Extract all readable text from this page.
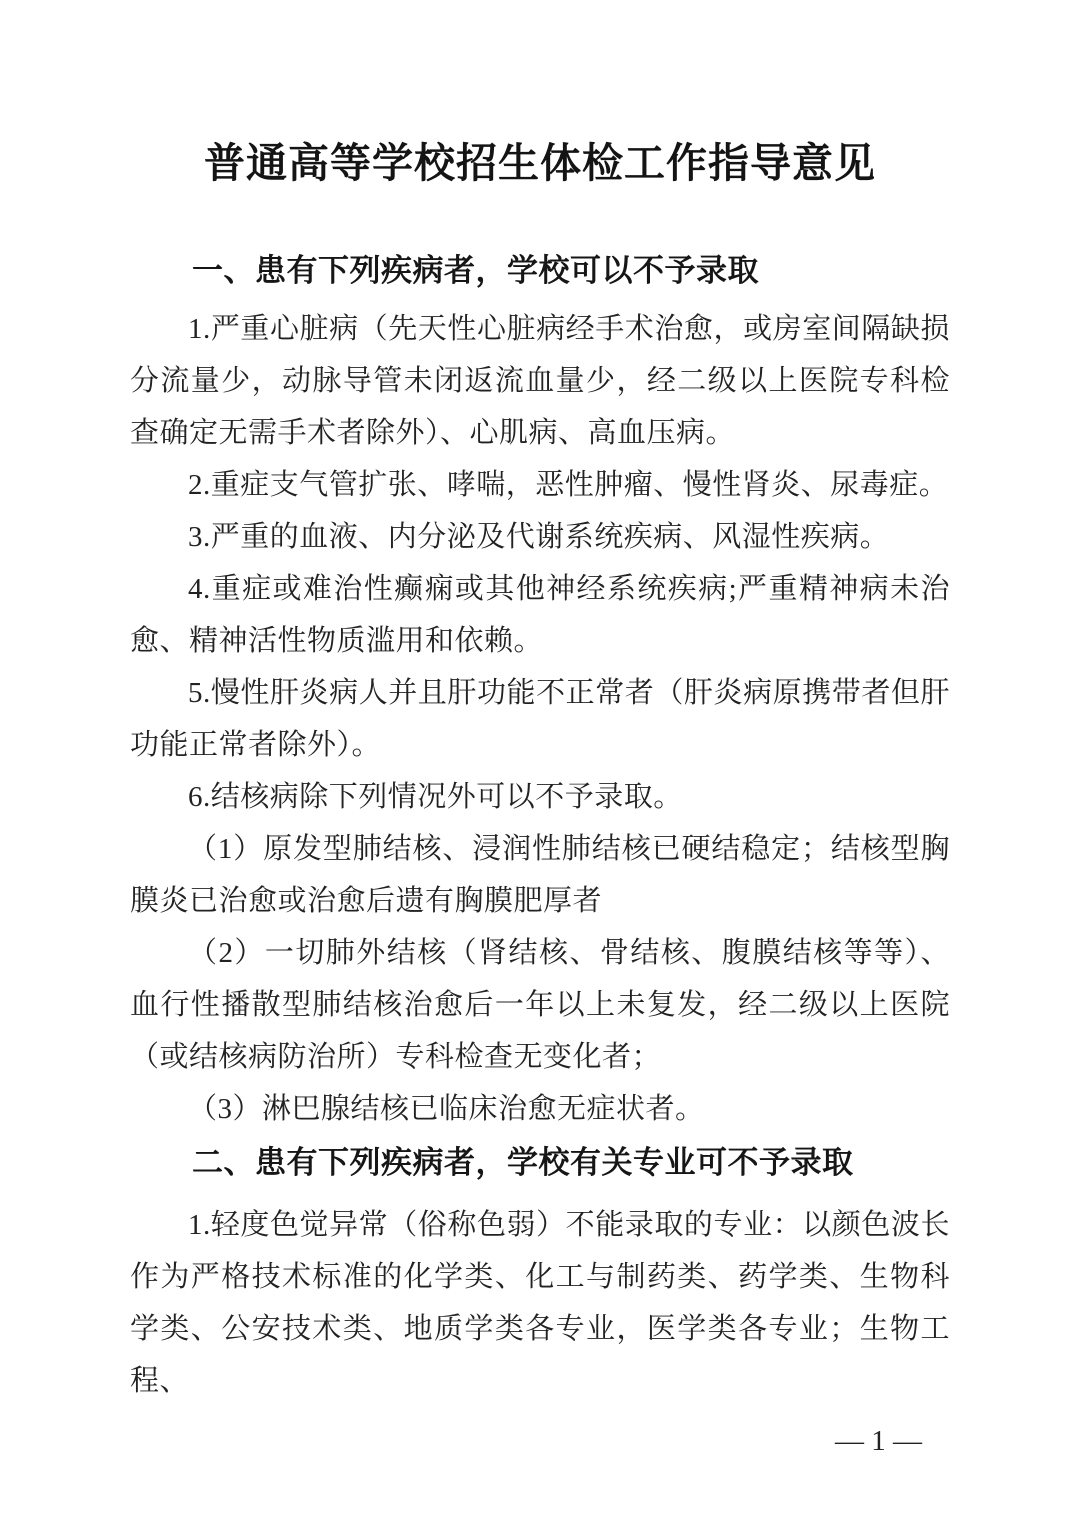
普通高等学校招生体检工作指导意见
一、患有下列疾病者，学校可以不予录取

1.严重心脏病（先天性心脏病经手术治愈，或房室间隔缺损分流量少，动脉导管未闭返流血量少，经二级以上医院专科检查确定无需手术者除外）、心肌病、高血压病。

2.重症支气管扩张、哮喘，恶性肿瘤、慢性肾炎、尿毒症。

3.严重的血液、内分泌及代谢系统疾病、风湿性疾病。

4.重症或难治性癫痫或其他神经系统疾病;严重精神病未治愈、精神活性物质滥用和依赖。

5.慢性肝炎病人并且肝功能不正常者（肝炎病原携带者但肝功能正常者除外）。

6.结核病除下列情况外可以不予录取。

（1）原发型肺结核、浸润性肺结核已硬结稳定；结核型胸膜炎已治愈或治愈后遗有胸膜肥厚者

（2）一切肺外结核（肾结核、骨结核、腹膜结核等等）、血行性播散型肺结核治愈后一年以上未复发，经二级以上医院（或结核病防治所）专科检查无变化者；

（3）淋巴腺结核已临床治愈无症状者。

二、患有下列疾病者，学校有关专业可不予录取

1.轻度色觉异常（俗称色弱）不能录取的专业：以颜色波长作为严格技术标准的化学类、化工与制药类、药学类、生物科学类、公安技术类、地质学类各专业，医学类各专业；生物工程、

— 1 —
